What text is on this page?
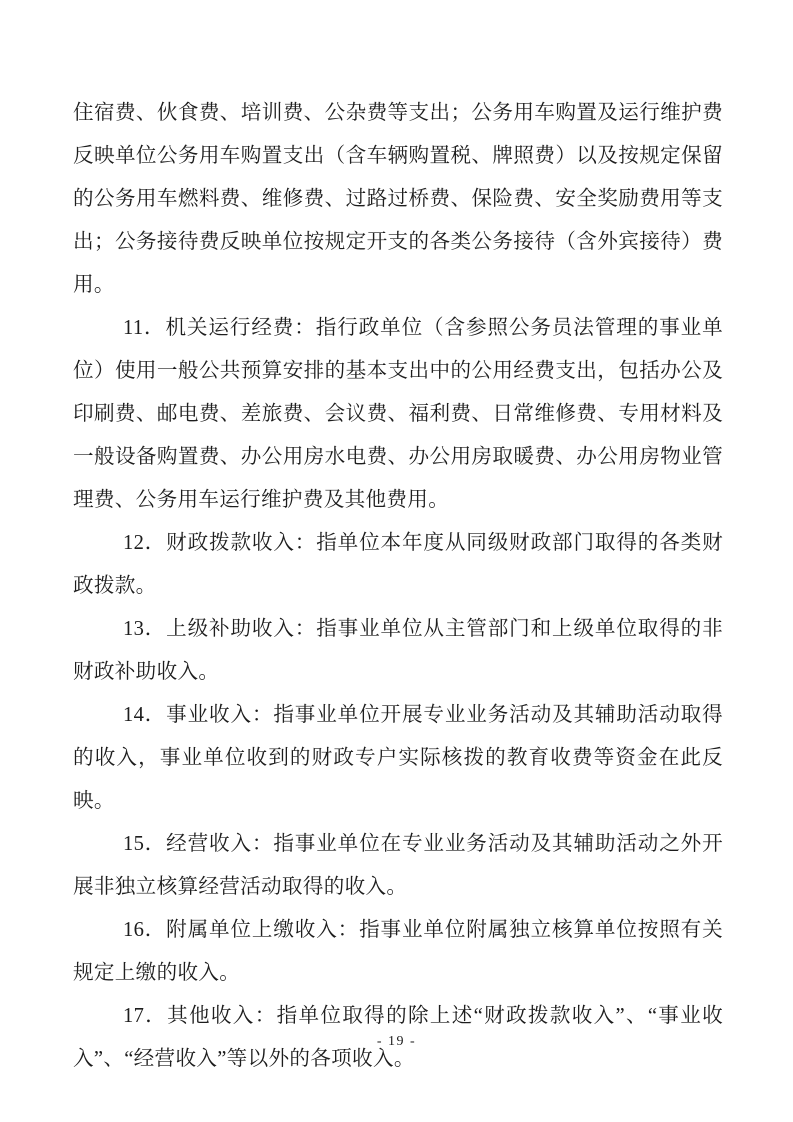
住宿费、伙食费、培训费、公杂费等支出；公务用车购置及运行维护费反映单位公务用车购置支出（含车辆购置税、牌照费）以及按规定保留的公务用车燃料费、维修费、过路过桥费、保险费、安全奖励费用等支出；公务接待费反映单位按规定开支的各类公务接待（含外宾接待）费用。

11．机关运行经费：指行政单位（含参照公务员法管理的事业单位）使用一般公共预算安排的基本支出中的公用经费支出，包括办公及印刷费、邮电费、差旅费、会议费、福利费、日常维修费、专用材料及一般设备购置费、办公用房水电费、办公用房取暖费、办公用房物业管理费、公务用车运行维护费及其他费用。

12．财政拨款收入：指单位本年度从同级财政部门取得的各类财政拨款。

13．上级补助收入：指事业单位从主管部门和上级单位取得的非财政补助收入。

14．事业收入：指事业单位开展专业业务活动及其辅助活动取得的收入，事业单位收到的财政专户实际核拨的教育收费等资金在此反映。

15．经营收入：指事业单位在专业业务活动及其辅助活动之外开展非独立核算经营活动取得的收入。

16．附属单位上缴收入：指事业单位附属独立核算单位按照有关规定上缴的收入。

17．其他收入：指单位取得的除上述“财政拨款收入”、“事业收入”、“经营收入”等以外的各项收入。

- 19 -
